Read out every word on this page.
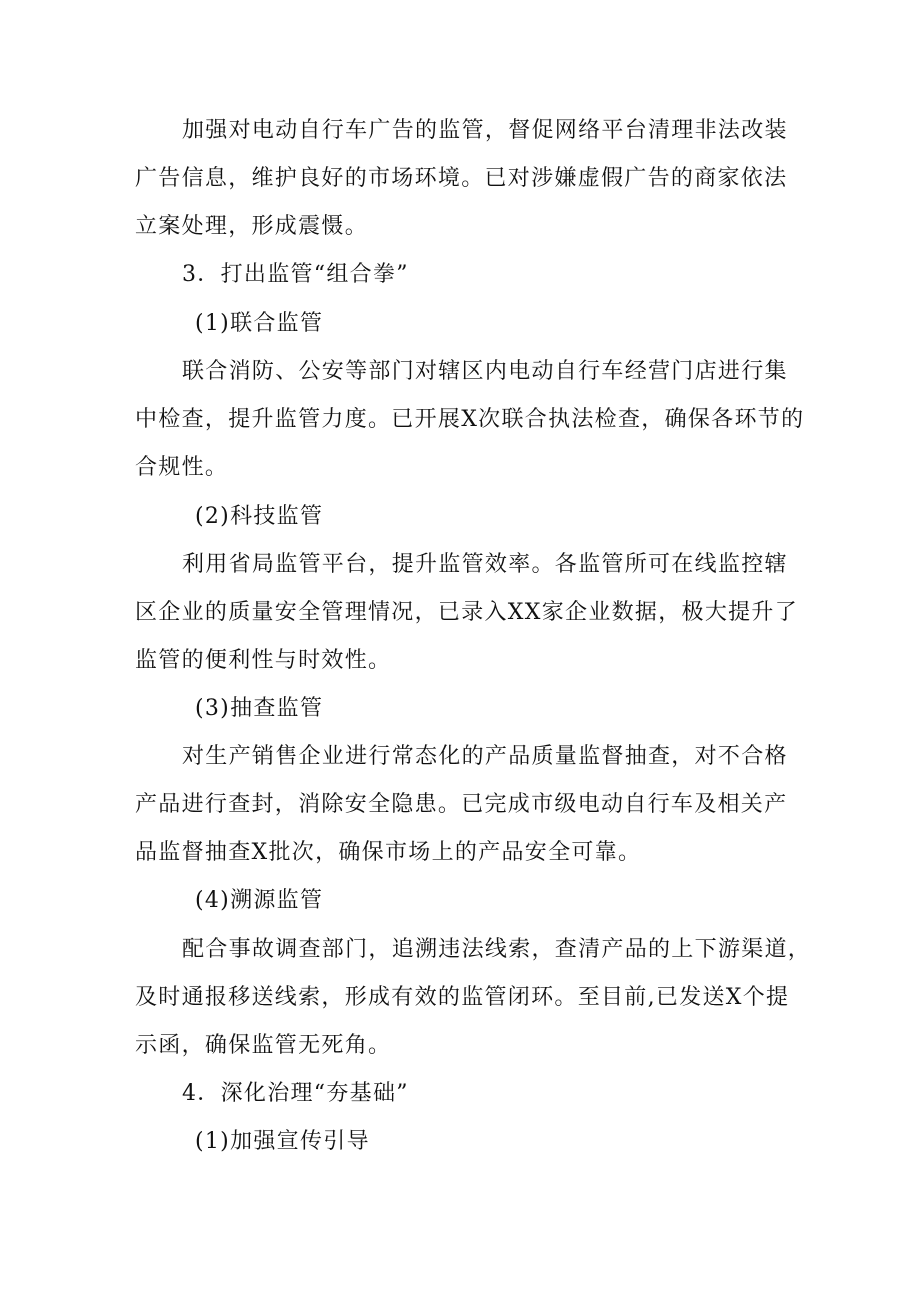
加强对电动自行车广告的监管，督促网络平台清理非法改装
广告信息，维护良好的市场环境。已对涉嫌虚假广告的商家依法
立案处理，形成震慑。
3．打出监管“组合拳”
(1)联合监管
联合消防、公安等部门对辖区内电动自行车经营门店进行集
中检查，提升监管力度。已开展X次联合执法检查，确保各环节的
合规性。
(2)科技监管
利用省局监管平台，提升监管效率。各监管所可在线监控辖
区企业的质量安全管理情况，已录入XX家企业数据，极大提升了
监管的便利性与时效性。
(3)抽查监管
对生产销售企业进行常态化的产品质量监督抽查，对不合格
产品进行查封，消除安全隐患。已完成市级电动自行车及相关产
品监督抽查X批次，确保市场上的产品安全可靠。
(4)溯源监管
配合事故调查部门，追溯违法线索，查清产品的上下游渠道，
及时通报移送线索，形成有效的监管闭环。至目前,已发送X个提
示函，确保监管无死角。
4．深化治理“夯基础”
(1)加强宣传引导
